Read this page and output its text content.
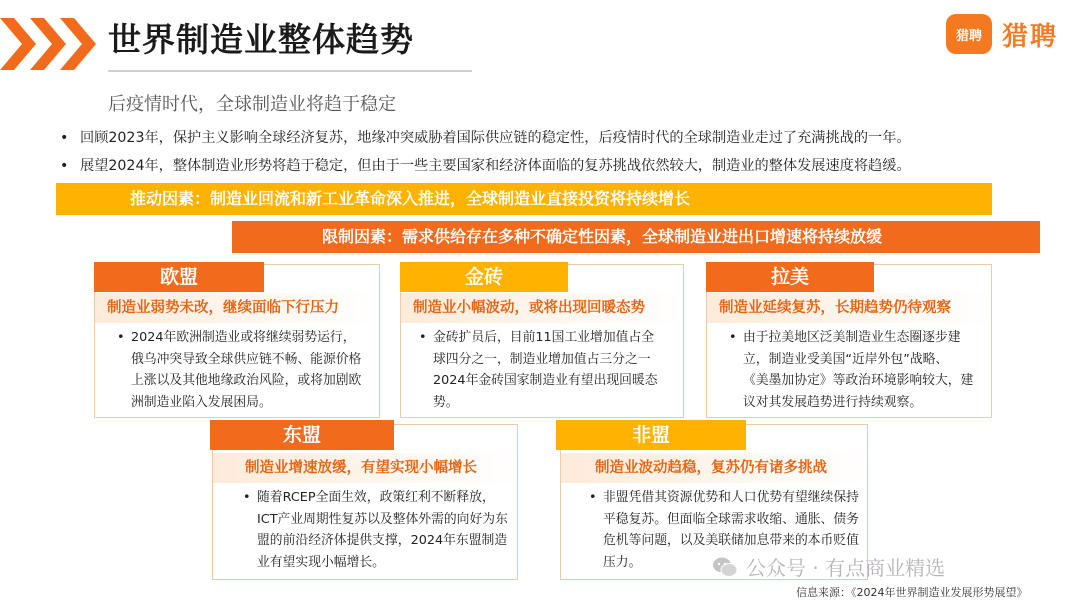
世界制造业整体趋势	猎聘 猎聘
后疫情时代，全球制造业将趋于稳定
• 回顾2023年，保护主义影响全球经济复苏，地缘冲突威胁着国际供应链的稳定性，后疫情时代的全球制造业走过了充满挑战的一年。
• 展望2024年，整体制造业形势将趋于稳定，但由于一些主要国家和经济体面临的复苏挑战依然较大，制造业的整体发展速度将趋缓。
推动因素：制造业回流和新工业革命深入推进，全球制造业直接投资将持续增长
限制因素：需求供给存在多种不确定性因素，全球制造业进出口增速将持续放缓
制造业弱势未改，继续面临下行压力
• 2024年欧洲制造业或将继续弱势运行，
俄乌冲突导致全球供应链不畅、能源价格
上涨以及其他地缘政治风险，或将加剧欧
洲制造业陷入发展困局。
欧盟
制造业小幅波动，或将出现回暖态势
• 金砖扩员后，目前11国工业增加值占全
球四分之一，制造业增加值占三分之一
2024年金砖国家制造业有望出现回暖态
势。
金砖
制造业延续复苏，长期趋势仍待观察
• 由于拉美地区泛美制造业生态圈逐步建
立，制造业受美国“近岸外包”战略、
《美墨加协定》等政治环境影响较大，建
议对其发展趋势进行持续观察。
拉美
制造业增速放缓，有望实现小幅增长
• 随着RCEP全面生效，政策红利不断释放，
ICT产业周期性复苏以及整体外需的向好为东
盟的前沿经济体提供支撑，2024年东盟制造
业有望实现小幅增长。
东盟
制造业波动趋稳，复苏仍有诸多挑战
• 非盟凭借其资源优势和人口优势有望继续保持
平稳复苏。但面临全球需求收缩、通胀、债务
危机等问题，以及美联储加息带来的本币贬值
压力。
非盟
公众号 · 有点商业精选
信息来源：《2024年世界制造业发展形势展望》
